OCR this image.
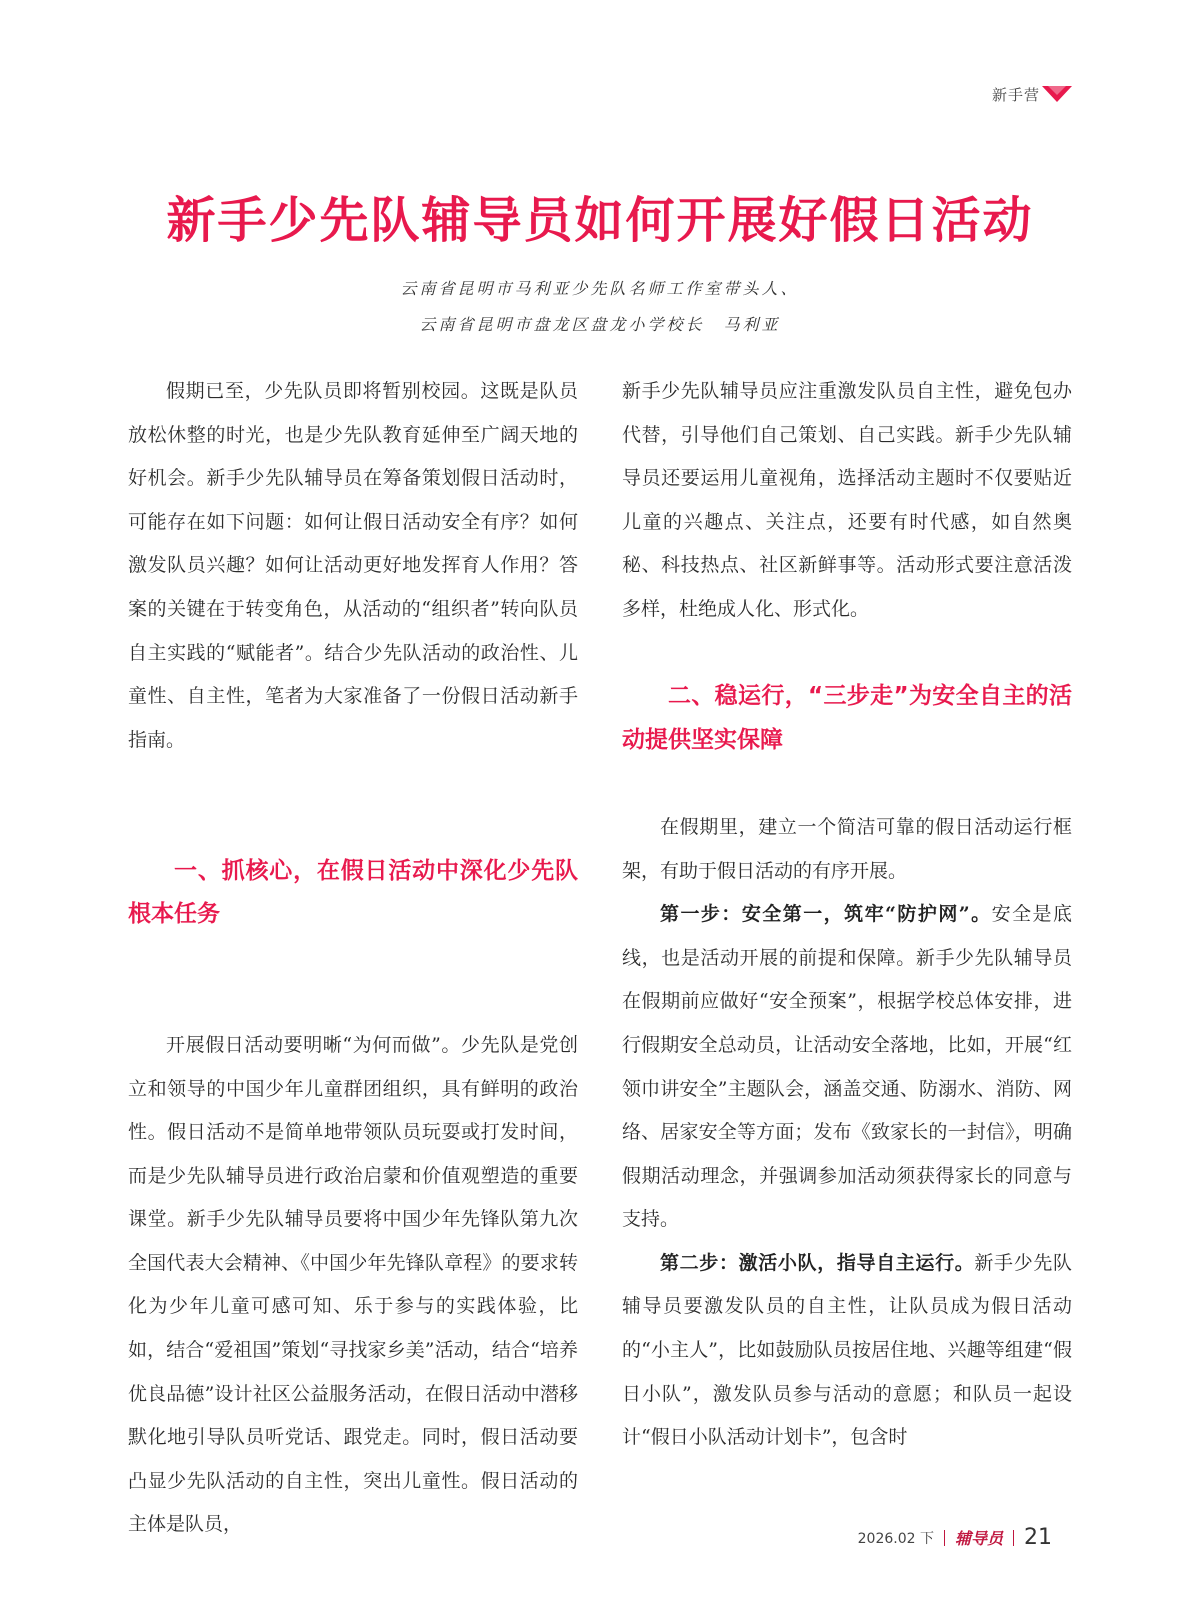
新手营
新手少先队辅导员如何开展好假日活动
云南省昆明市马利亚少先队名师工作室带头人、
云南省昆明市盘龙区盘龙小学校长　马利亚

假期已至，少先队员即将暂别校园。这既是队员放松休整的时光，也是少先队教育延伸至广阔天地的好机会。新手少先队辅导员在筹备策划假日活动时，可能存在如下问题：如何让假日活动安全有序？如何激发队员兴趣？如何让活动更好地发挥育人作用？答案的关键在于转变角色，从活动的“组织者”转向队员自主实践的“赋能者”。结合少先队活动的政治性、儿童性、自主性，笔者为大家准备了一份假日活动新手指南。

一、抓核心，在假日活动中深化少先队根本任务

开展假日活动要明晰“为何而做”。少先队是党创立和领导的中国少年儿童群团组织，具有鲜明的政治性。假日活动不是简单地带领队员玩耍或打发时间，而是少先队辅导员进行政治启蒙和价值观塑造的重要课堂。新手少先队辅导员要将中国少年先锋队第九次全国代表大会精神、《中国少年先锋队章程》的要求转化为少年儿童可感可知、乐于参与的实践体验，比如，结合“爱祖国”策划“寻找家乡美”活动，结合“培养优良品德”设计社区公益服务活动，在假日活动中潜移默化地引导队员听党话、跟党走。同时，假日活动要凸显少先队活动的自主性，突出儿童性。假日活动的主体是队员，

新手少先队辅导员应注重激发队员自主性，避免包办代替，引导他们自己策划、自己实践。新手少先队辅导员还要运用儿童视角，选择活动主题时不仅要贴近儿童的兴趣点、关注点，还要有时代感，如自然奥秘、科技热点、社区新鲜事等。活动形式要注意活泼多样，杜绝成人化、形式化。

二、稳运行，“三步走”为安全自主的活动提供坚实保障

在假期里，建立一个简洁可靠的假日活动运行框架，有助于假日活动的有序开展。

第一步：安全第一，筑牢“防护网”。安全是底线，也是活动开展的前提和保障。新手少先队辅导员在假期前应做好“安全预案”，根据学校总体安排，进行假期安全总动员，让活动安全落地，比如，开展“红领巾讲安全”主题队会，涵盖交通、防溺水、消防、网络、居家安全等方面；发布《致家长的一封信》，明确假期活动理念，并强调参加活动须获得家长的同意与支持。

第二步：激活小队，指导自主运行。新手少先队辅导员要激发队员的自主性，让队员成为假日活动的“小主人”，比如鼓励队员按居住地、兴趣等组建“假日小队”，激发队员参与活动的意愿；和队员一起设计“假日小队活动计划卡”，包含时

2026.02 下 辅导员 21
